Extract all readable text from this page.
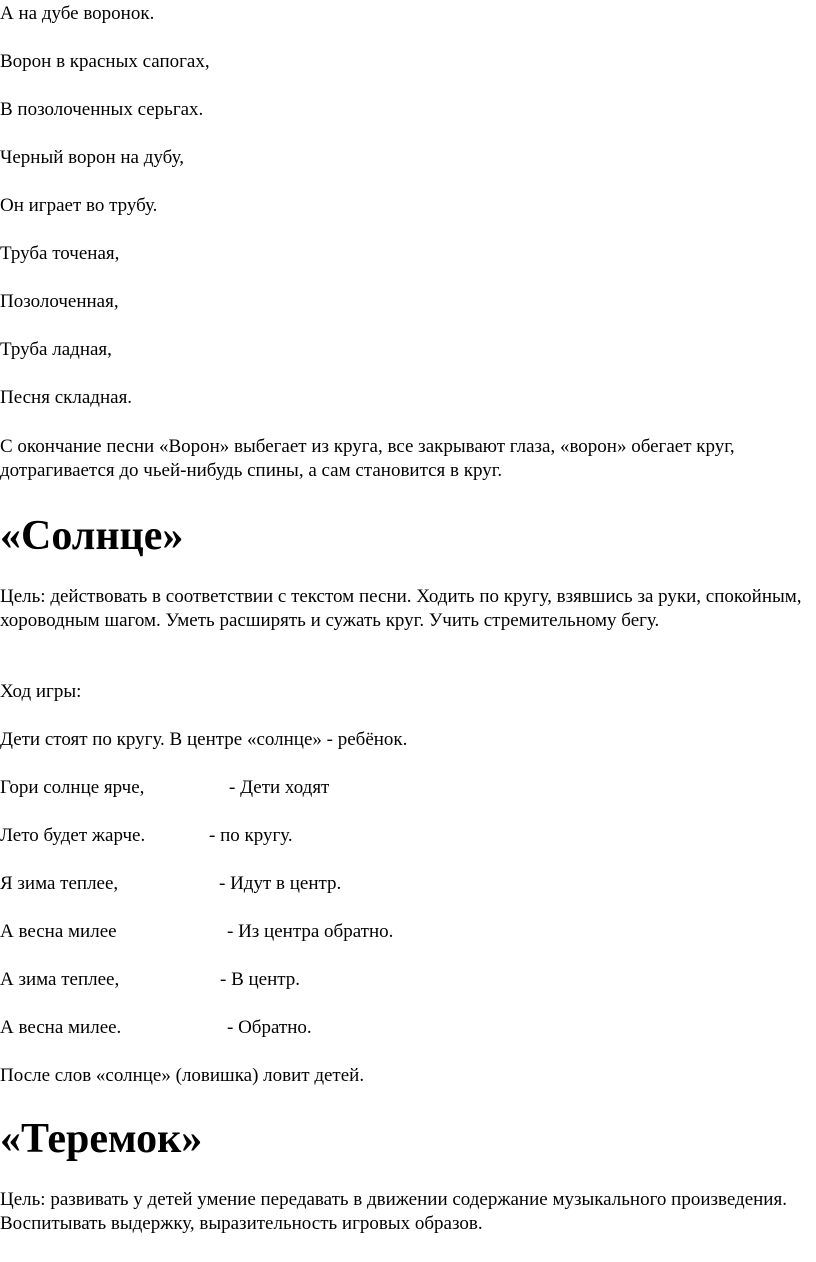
А на дубе воронок.
Ворон в красных сапогах,
В позолоченных серьгах.
Черный ворон на дубу,
Он играет во трубу.
Труба точеная,
Позолоченная,
Труба ладная,
Песня складная.
С окончание песни «Ворон» выбегает из круга, все закрывают глаза, «ворон» обегает круг, дотрагивается до чьей-нибудь спины, а сам становится в круг.
«Солнце»
Цель: действовать в соответствии с текстом песни. Ходить по кругу, взявшись за руки, спокойным, хороводным шагом. Уметь расширять и сужать круг. Учить стремительному бегу.
Ход игры:
Дети стоят по кругу. В центре «солнце» - ребёнок.
Гори солнце ярче,	- Дети ходят
Лето будет жарче.	- по кругу.
Я зима теплее,	- Идут в центр.
А весна милее	- Из центра обратно.
А зима теплее,	- В центр.
А весна милее.	- Обратно.
После слов «солнце» (ловишка) ловит детей.
«Теремок»
Цель: развивать у детей умение передавать в движении содержание музыкального произведения. Воспитывать выдержку, выразительность игровых образов.
